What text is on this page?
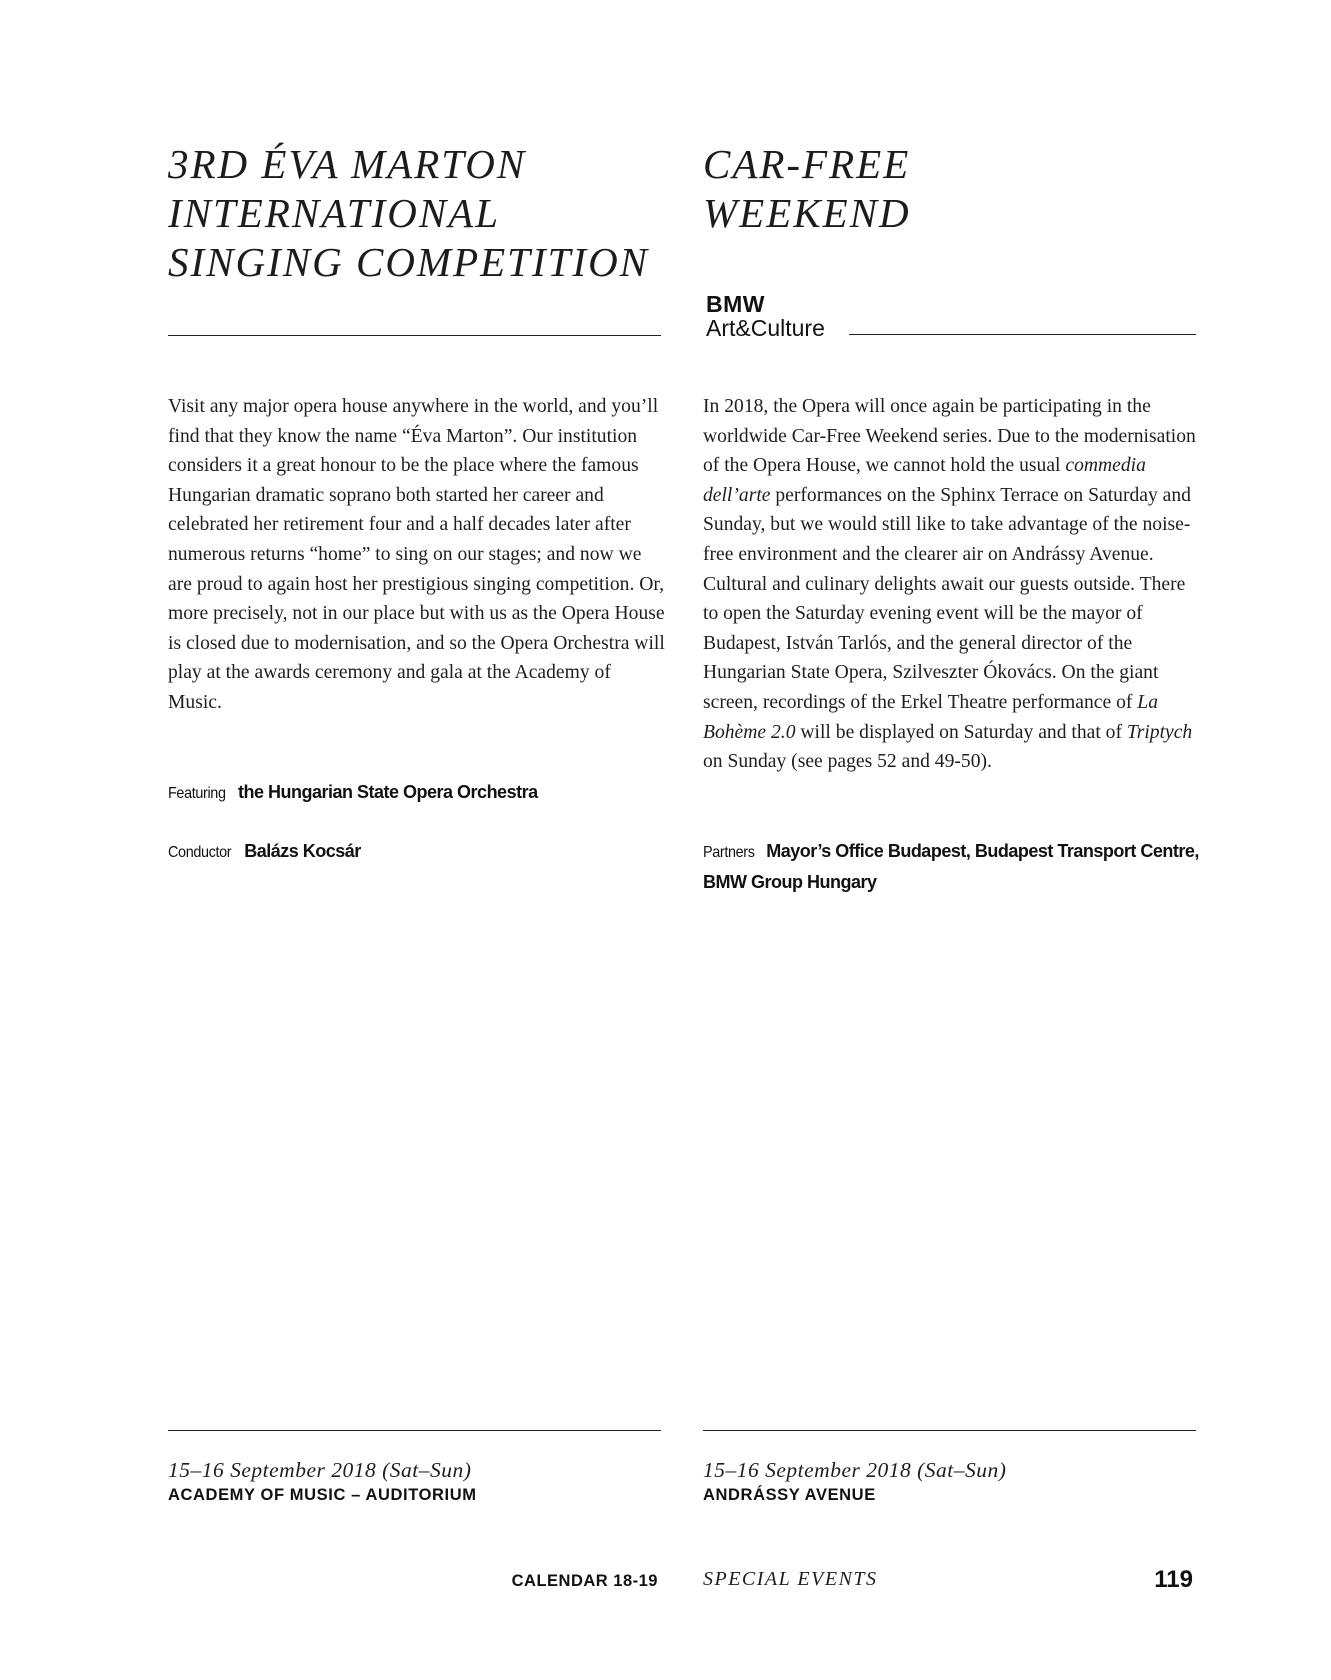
3RD ÉVA MARTON
INTERNATIONAL
SINGING COMPETITION

Visit any major opera house anywhere in the world, and you’ll find that they know the name “Éva Marton”. Our institution considers it a great honour to be the place where the famous Hungarian dramatic soprano both started her career and celebrated her retirement four and a half decades later after numerous returns “home” to sing on our stages; and now we are proud to again host her prestigious singing competition. Or, more precisely, not in our place but with us as the Opera House is closed due to modernisation, and so the Opera Orchestra will play at the awards ceremony and gala at the Academy of Music.

Featuring the Hungarian State Opera Orchestra

Conductor Balázs Kocsár

15–16 September 2018 (Sat–Sun)

ACADEMY OF MUSIC – AUDITORIUM

CAR-FREE
WEEKEND
BMW
Art&Culture

In 2018, the Opera will once again be participating in the worldwide Car-Free Weekend series. Due to the modernisation of the Opera House, we cannot hold the usual commedia dell’arte performances on the Sphinx Terrace on Saturday and Sunday, but we would still like to take advantage of the noise-free environment and the clearer air on Andrássy Avenue. Cultural and culinary delights await our guests outside. There to open the Saturday evening event will be the mayor of Budapest, István Tarlós, and the general director of the Hungarian State Opera, Szilveszter Ókovács. On the giant screen, recordings of the Erkel Theatre performance of La Bohème 2.0 will be displayed on Saturday and that of Triptych on Sunday (see pages 52 and 49-50).

Partners Mayor’s Office Budapest, Budapest Transport Centre, BMW Group Hungary

15–16 September 2018 (Sat–Sun)

ANDRÁSSY AVENUE

CALENDAR 18-19 SPECIAL EVENTS	119
